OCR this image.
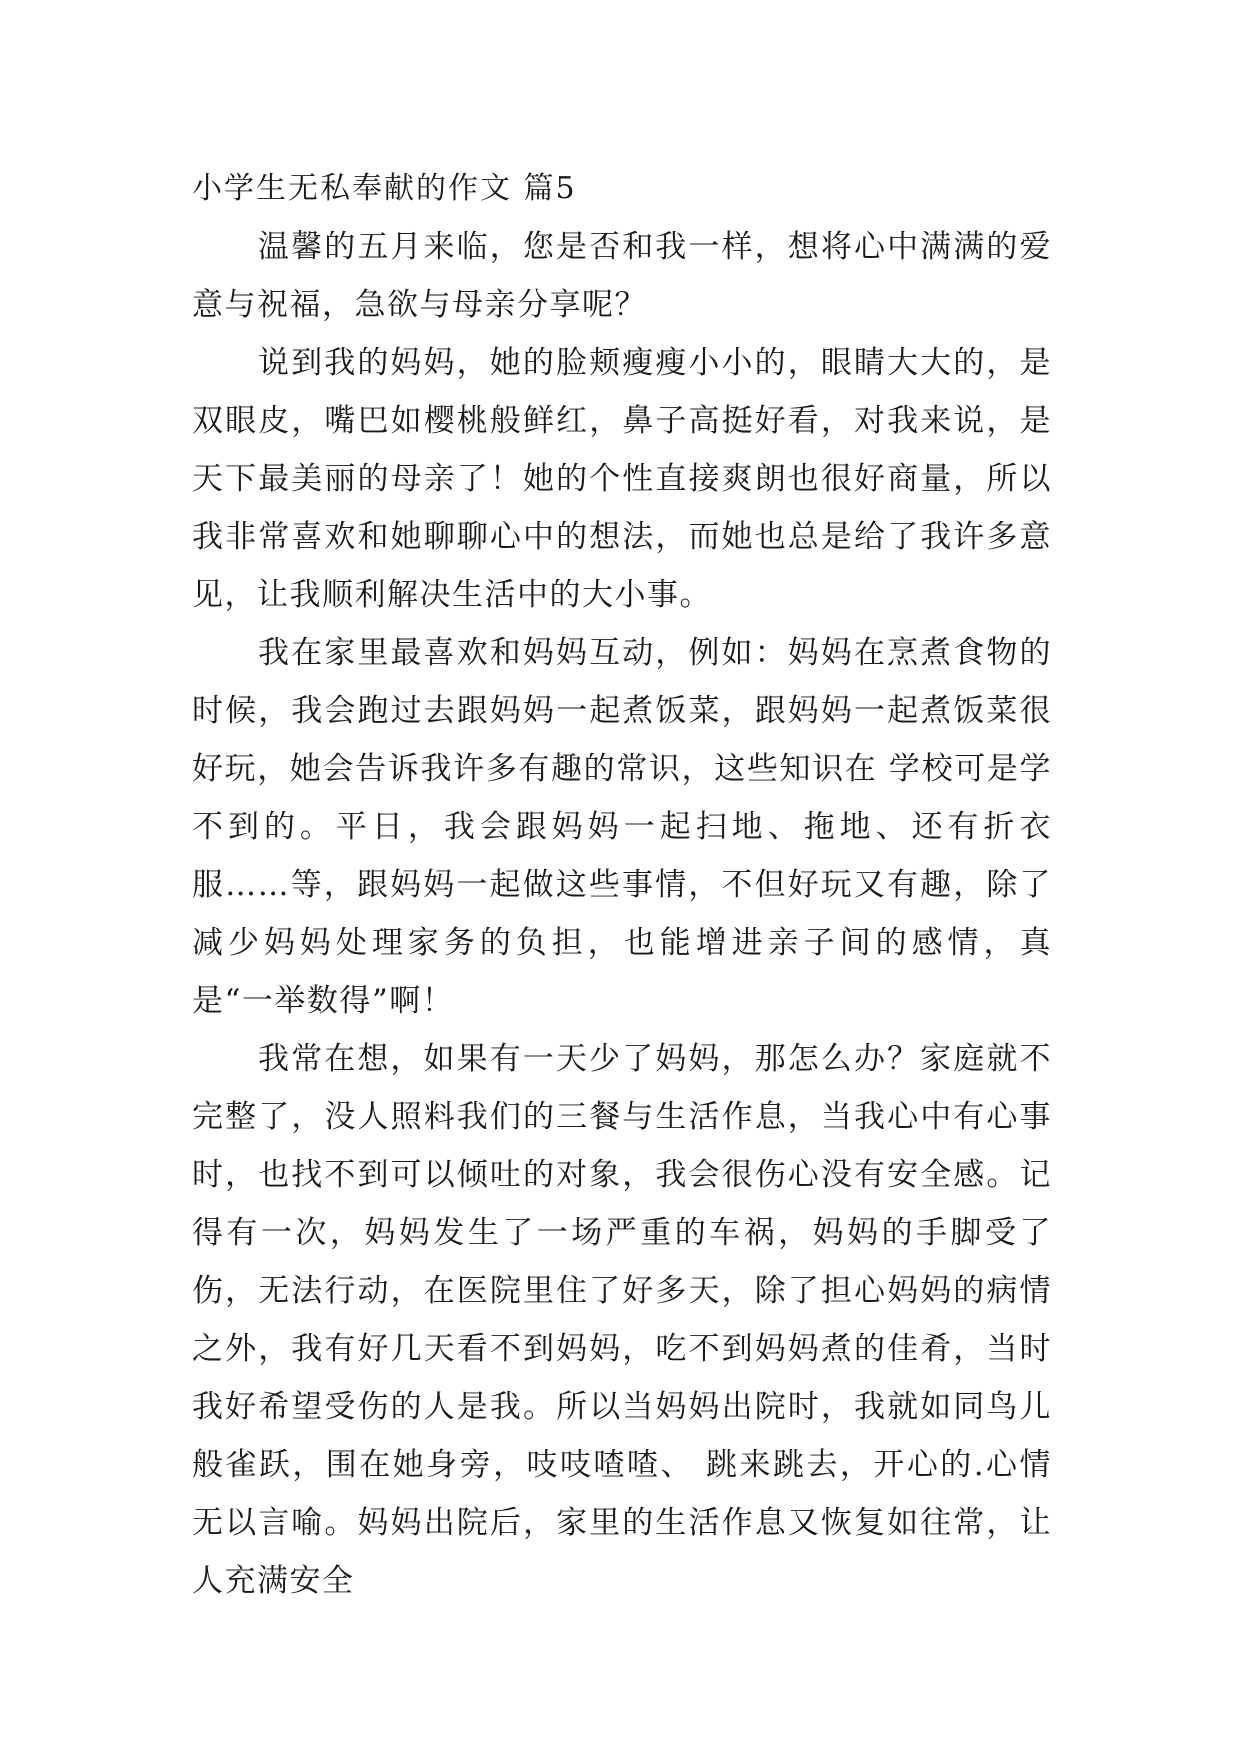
小学生无私奉献的作文 篇5

温馨的五月来临，您是否和我一样，想将心中满满的爱意与祝福，急欲与母亲分享呢？

说到我的妈妈，她的脸颊瘦瘦小小的，眼睛大大的，是双眼皮，嘴巴如樱桃般鲜红，鼻子高挺好看，对我来说，是天下最美丽的母亲了！她的个性直接爽朗也很好商量，所以我非常喜欢和她聊聊心中的想法，而她也总是给了我许多意见，让我顺利解决生活中的大小事。

我在家里最喜欢和妈妈互动，例如：妈妈在烹煮食物的时候，我会跑过去跟妈妈一起煮饭菜，跟妈妈一起煮饭菜很好玩，她会告诉我许多有趣的常识，这些知识在 学校可是学不到的。平日，我会跟妈妈一起扫地、拖地、还有折衣服……等，跟妈妈一起做这些事情，不但好玩又有趣，除了减少妈妈处理家务的负担，也能增进亲子间的感情，真是“一举数得”啊！

我常在想，如果有一天少了妈妈，那怎么办？家庭就不完整了，没人照料我们的三餐与生活作息，当我心中有心事时，也找不到可以倾吐的对象，我会很伤心没有安全感。记得有一次，妈妈发生了一场严重的车祸，妈妈的手脚受了伤，无法行动，在医院里住了好多天，除了担心妈妈的病情之外，我有好几天看不到妈妈，吃不到妈妈煮的佳肴，当时我好希望受伤的人是我。所以当妈妈出院时，我就如同鸟儿般雀跃，围在她身旁，吱吱喳喳、 跳来跳去，开心的.心情无以言喻。妈妈出院后，家里的生活作息又恢复如往常，让人充满安全
